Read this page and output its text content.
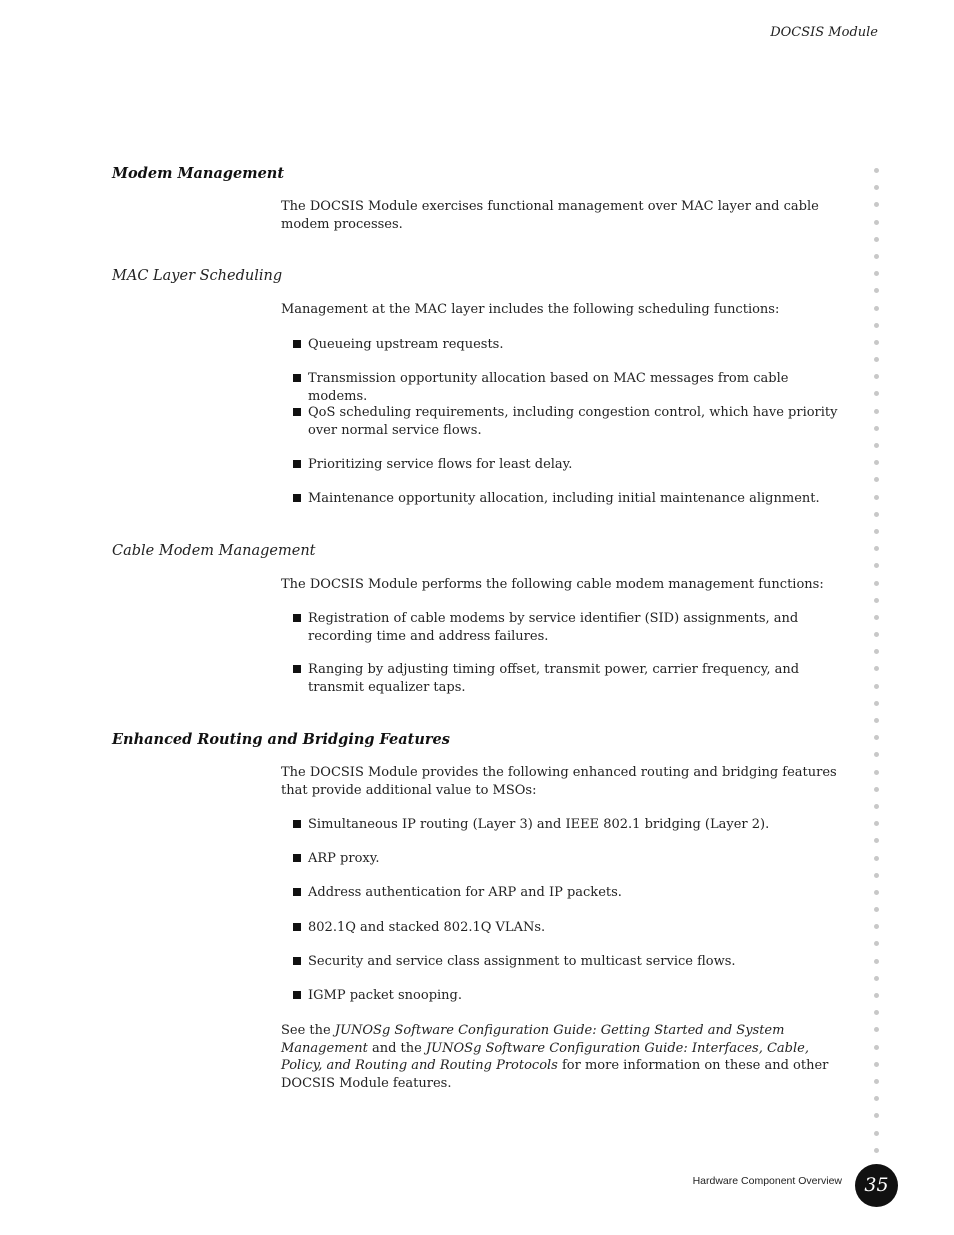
DOCSIS Module
Modem Management
The DOCSIS Module exercises functional management over MAC layer and cable modem processes.
MAC Layer Scheduling
Management at the MAC layer includes the following scheduling functions:
Queueing upstream requests.
Transmission opportunity allocation based on MAC messages from cable modems.
QoS scheduling requirements, including congestion control, which have priority over normal service flows.
Prioritizing service flows for least delay.
Maintenance opportunity allocation, including initial maintenance alignment.
Cable Modem Management
The DOCSIS Module performs the following cable modem management functions:
Registration of cable modems by service identifier (SID) assignments, and recording time and address failures.
Ranging by adjusting timing offset, transmit power, carrier frequency, and transmit equalizer taps.
Enhanced Routing and Bridging Features
The DOCSIS Module provides the following enhanced routing and bridging features that provide additional value to MSOs:
Simultaneous IP routing (Layer 3) and IEEE 802.1 bridging (Layer 2).
ARP proxy.
Address authentication for ARP and IP packets.
802.1Q and stacked 802.1Q VLANs.
Security and service class assignment to multicast service flows.
IGMP packet snooping.
See the JUNOSg Software Configuration Guide: Getting Started and System Management and the JUNOSg Software Configuration Guide: Interfaces, Cable, Policy, and Routing and Routing Protocols for more information on these and other DOCSIS Module features.
Hardware Component Overview	35
